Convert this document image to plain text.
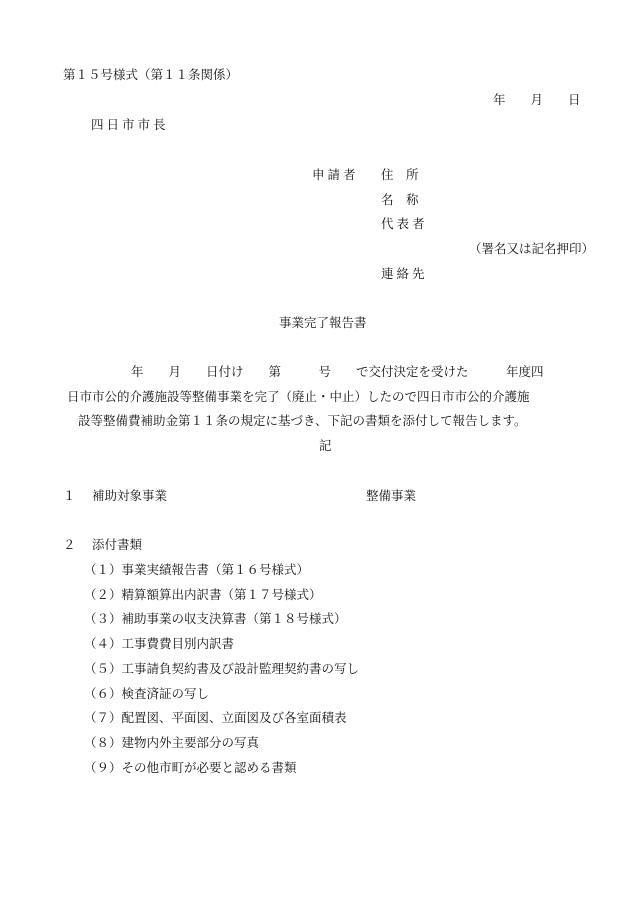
第１５号様式（第１１条関係）
年　　月　　日
四日市市長
申請者 住　所
名　称
代表者
（署名又は記名押印）
連絡先
事業完了報告書
年　　月　　日付け　　第　　　号　　で交付決定を受けた　　　年度四
日市市公的介護施設等整備事業を完了（廃止・中止）したので四日市市公的介護施
設等整備費補助金第１１条の規定に基づき、下記の書類を添付して報告します。
記
１ 補助対象事業	整備事業
２ 添付書類
（１）事業実績報告書（第１６号様式）
（２）精算額算出内訳書（第１７号様式）
（３）補助事業の収支決算書（第１８号様式）
（４）工事費費目別内訳書
（５）工事請負契約書及び設計監理契約書の写し
（６）検査済証の写し
（７）配置図、平面図、立面図及び各室面積表
（８）建物内外主要部分の写真
（９）その他市町が必要と認める書類
